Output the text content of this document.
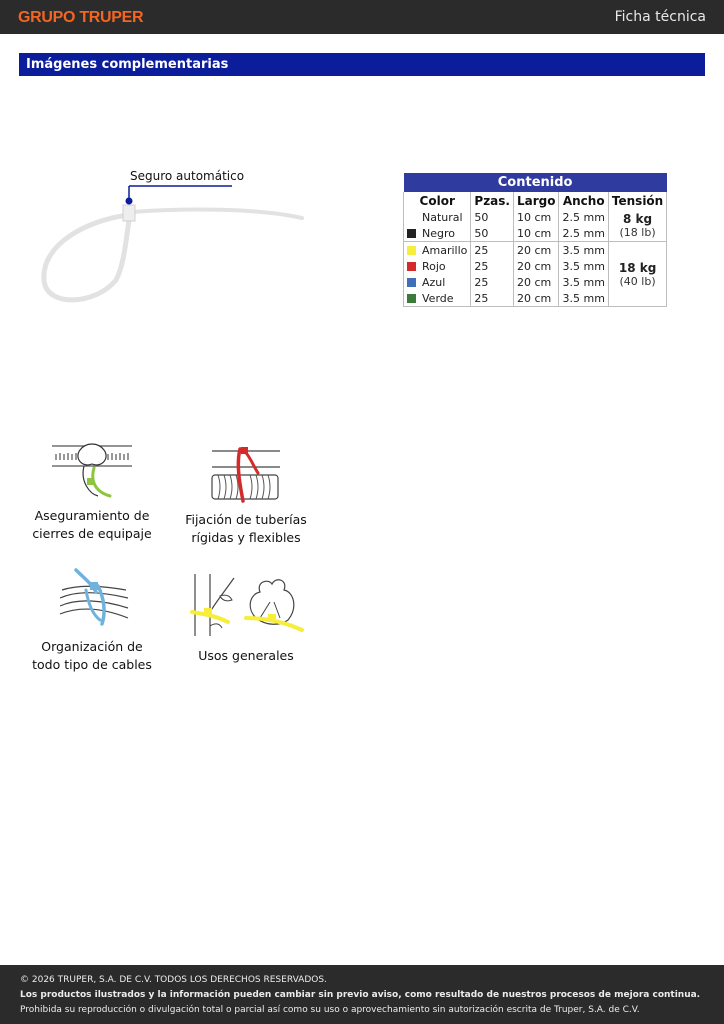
GRUPO TRUPER	Ficha técnica
Imágenes complementarias
Seguro automático	Contenido				
Color	Pzas.	Largo	Ancho	Tensión
Natural	50	10 cm	2.5 mm	8 kg
(18 lb)

Negro	50	10 cm	2.5 mm	
Amarillo	25	20 cm	3.5 mm	18 kg
(40 lb)

Rojo	25	20 cm	3.5 mm	
Azul	25	20 cm	3.5 mm	
Verde	25	20 cm	3.5 mm	
Aseguramiento de
cierres de equipaje
Fijación de tuberías
rígidas y flexibles
Organización de
todo tipo de cables
Usos generales
© 2026 TRUPER, S.A. DE C.V. TODOS LOS DERECHOS RESERVADOS.
Los productos ilustrados y la información pueden cambiar sin previo aviso, como resultado de nuestros procesos de mejora continua.
Prohibida su reproducción o divulgación total o parcial así como su uso o aprovechamiento sin autorización escrita de Truper, S.A. de C.V.
